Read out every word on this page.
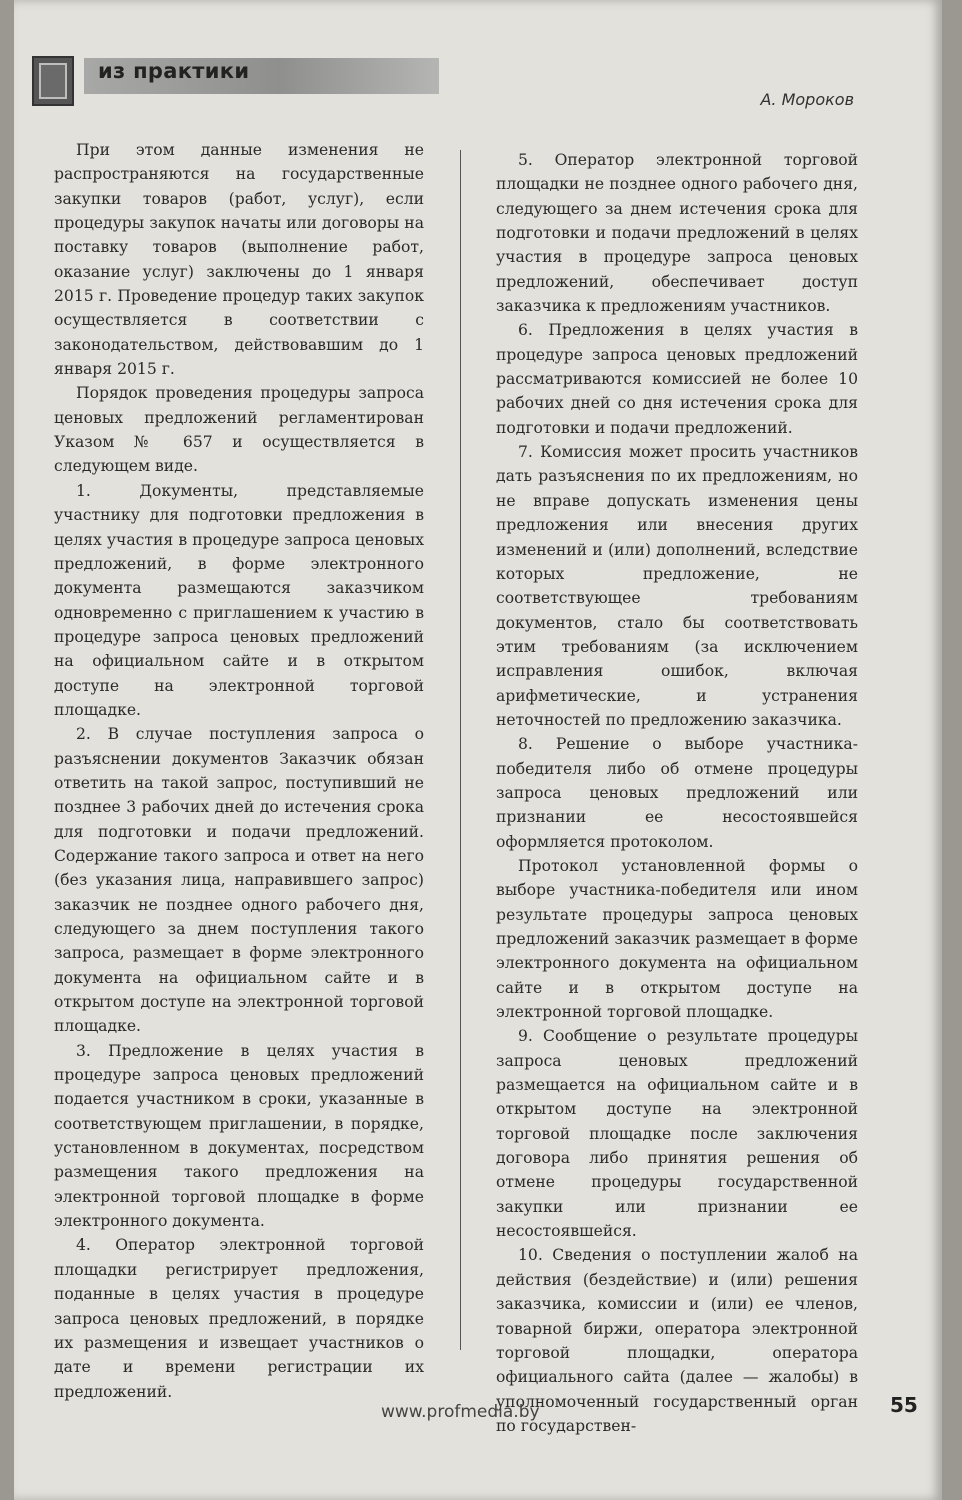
из практики
А. Мороков

При этом данные изменения не распространяются на государственные закупки товаров (работ, услуг), если процедуры закупок начаты или договоры на поставку товаров (выполнение работ, оказание услуг) заключены до 1 января 2015 г. Проведение процедур таких закупок осуществляется в соответствии с законодательством, действовавшим до 1 января 2015 г.

Порядок проведения процедуры запроса ценовых предложений регламентирован Указом № 657 и осуществляется в следующем виде.

1. Документы, представляемые участнику для подготовки предложения в целях участия в процедуре запроса ценовых предложений, в форме электронного документа размещаются заказчиком одновременно с приглашением к участию в процедуре запроса ценовых предложений на официальном сайте и в открытом доступе на электронной торговой площадке.

2. В случае поступления запроса о разъяснении документов Заказчик обязан ответить на такой запрос, поступивший не позднее 3 рабочих дней до истечения срока для подготовки и подачи предложений. Содержание такого запроса и ответ на него (без указания лица, направившего запрос) заказчик не позднее одного рабочего дня, следующего за днем поступления такого запроса, размещает в форме электронного документа на официальном сайте и в открытом доступе на электронной торговой площадке.

3. Предложение в целях участия в процедуре запроса ценовых предложений подается участником в сроки, указанные в соответствующем приглашении, в порядке, установленном в документах, посредством размещения такого предложения на электронной торговой площадке в форме электронного документа.

4. Оператор электронной торговой площадки регистрирует предложения, поданные в целях участия в процедуре запроса ценовых предложений, в порядке их размещения и извещает участников о дате и времени регистрации их предложений.

5. Оператор электронной торговой площадки не позднее одного рабочего дня, следующего за днем истечения срока для подготовки и подачи предложений в целях участия в процедуре запроса ценовых предложений, обеспечивает доступ заказчика к предложениям участников.

6. Предложения в целях участия в процедуре запроса ценовых предложений рассматриваются комиссией не более 10 рабочих дней со дня истечения срока для подготовки и подачи предложений.

7. Комиссия может просить участников дать разъяснения по их предложениям, но не вправе допускать изменения цены предложения или внесения других изменений и (или) дополнений, вследствие которых предложение, не соответствующее требованиям документов, стало бы соответствовать этим требованиям (за исключением исправления ошибок, включая арифметические, и устранения неточностей по предложению заказчика.

8. Решение о выборе участника-победителя либо об отмене процедуры запроса ценовых предложений или признании ее несостоявшейся оформляется протоколом.

Протокол установленной формы о выборе участника-победителя или ином результате процедуры запроса ценовых предложений заказчик размещает в форме электронного документа на официальном сайте и в открытом доступе на электронной торговой площадке.

9. Сообщение о результате процедуры запроса ценовых предложений размещается на официальном сайте и в открытом доступе на электронной торговой площадке после заключения договора либо принятия решения об отмене процедуры государственной закупки или признании ее несостоявшейся.

10. Сведения о поступлении жалоб на действия (бездействие) и (или) решения заказчика, комиссии и (или) ее членов, товарной биржи, оператора электронной торговой площадки, оператора официального сайта (далее — жалобы) в уполномоченный государственный орган по государствен-

www.profmedia.by	55
